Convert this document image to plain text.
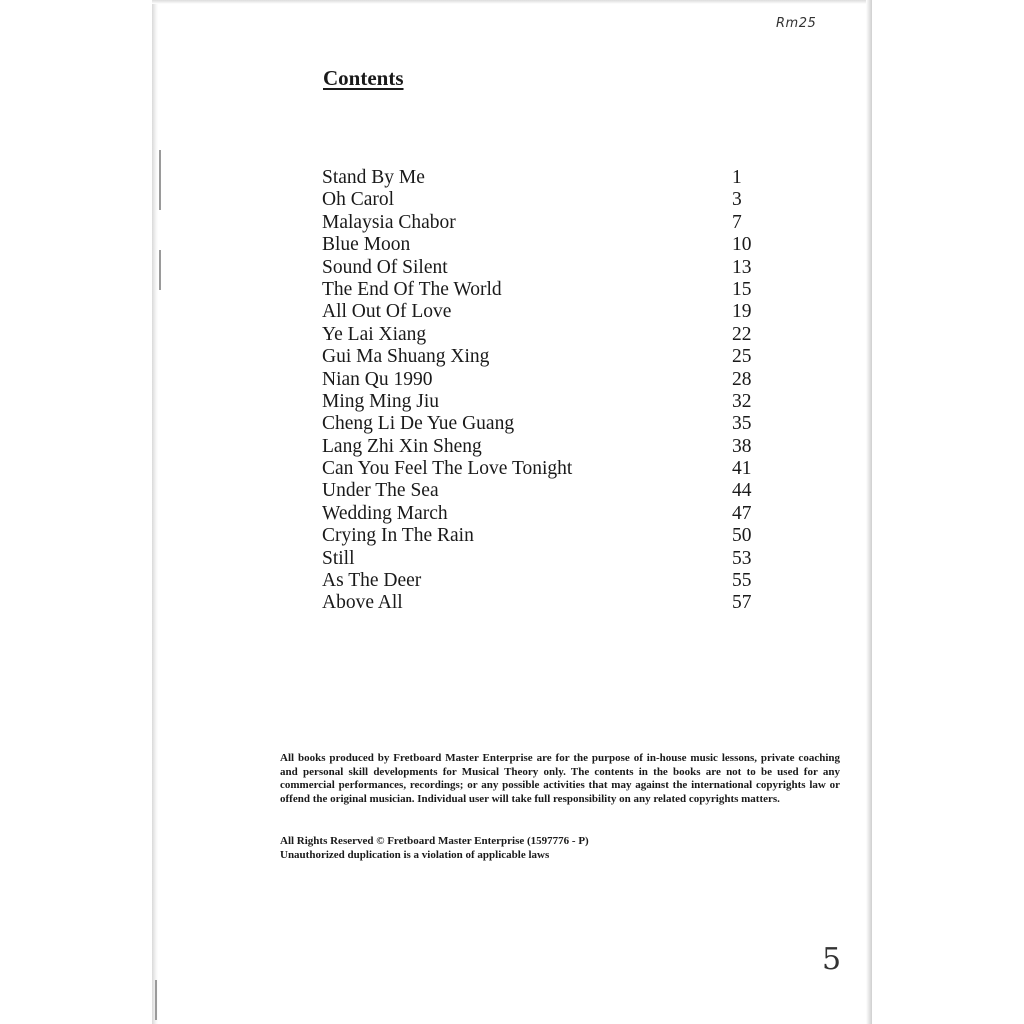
Rm25
Contents
Stand By Me	1
Oh Carol	3
Malaysia Chabor	7
Blue Moon	10
Sound Of Silent	13
The End Of The World	15
All Out Of Love	19
Ye Lai Xiang	22
Gui Ma Shuang Xing	25
Nian Qu 1990	28
Ming Ming Jiu	32
Cheng Li De Yue Guang	35
Lang Zhi Xin Sheng	38
Can You Feel The Love Tonight	41
Under The Sea	44
Wedding March	47
Crying In The Rain	50
Still	53
As The Deer	55
Above All	57

All books produced by Fretboard Master Enterprise are for the purpose of in-house music lessons, private coaching and personal skill developments for Musical Theory only. The contents in the books are not to be used for any commercial performances, recordings; or any possible activities that may against the international copyrights law or offend the original musician. Individual user will take full responsibility on any related copyrights matters.

All Rights Reserved © Fretboard Master Enterprise (1597776 - P)
Unauthorized duplication is a violation of applicable laws
5
